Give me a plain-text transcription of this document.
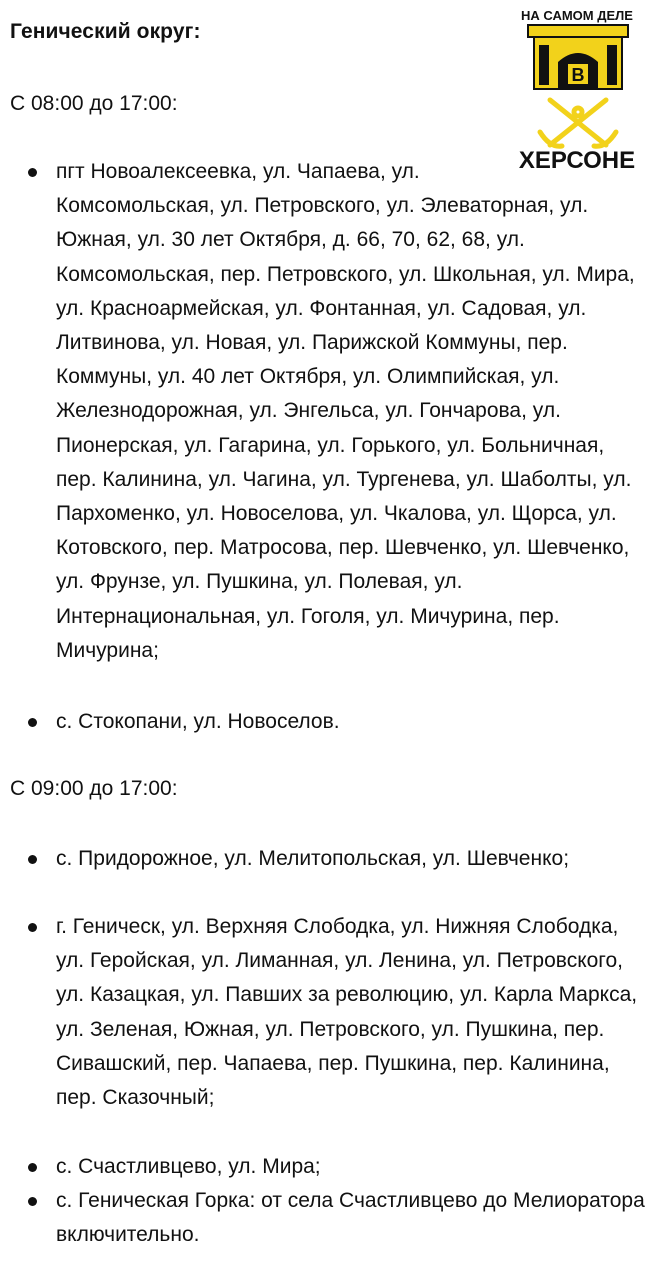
Генический округ:
НА САМОМ ДЕЛЕ
В
ХЕРСОНЕ
С 08:00 до 17:00:
пгт Новоалексеевка, ул. Чапаева, ул. Комсомольская, ул. Петровского, ул. Элеваторная, ул. Южная, ул. 30 лет Октября, д. 66, 70, 62, 68, ул. Комсомольская, пер. Петровского, ул. Школьная, ул. Мира, ул. Красноармейская, ул. Фонтанная, ул. Садовая, ул. Литвинова, ул. Новая, ул. Парижской Коммуны, пер. Коммуны, ул. 40 лет Октября, ул. Олимпийская, ул. Железнодорожная, ул. Энгельса, ул. Гончарова, ул. Пионерская, ул. Гагарина, ул. Горького, ул. Больничная, пер. Калинина, ул. Чагина, ул. Тургенева, ул. Шаболты, ул. Пархоменко, ул. Новоселова, ул. Чкалова, ул. Щорса, ул. Котовского, пер. Матросова, пер. Шевченко, ул. Шевченко, ул. Фрунзе, ул. Пушкина, ул. Полевая, ул. Интернациональная, ул. Гоголя, ул. Мичурина, пер. Мичурина;
с. Стокопани, ул. Новоселов.
С 09:00 до 17:00:
с. Придорожное, ул. Мелитопольская, ул. Шевченко;
г. Геническ, ул. Верхняя Слободка, ул. Нижняя Слободка, ул. Геройская, ул. Лиманная, ул. Ленина, ул. Петровского, ул. Казацкая, ул. Павших за революцию, ул. Карла Маркса, ул. Зеленая, Южная, ул. Петровского, ул. Пушкина, пер. Сивашский, пер. Чапаева, пер. Пушкина, пер. Калинина, пер. Сказочный;
с. Счастливцево, ул. Мира;
с. Геническая Горка: от села Счастливцево до Мелиоратора включительно.
